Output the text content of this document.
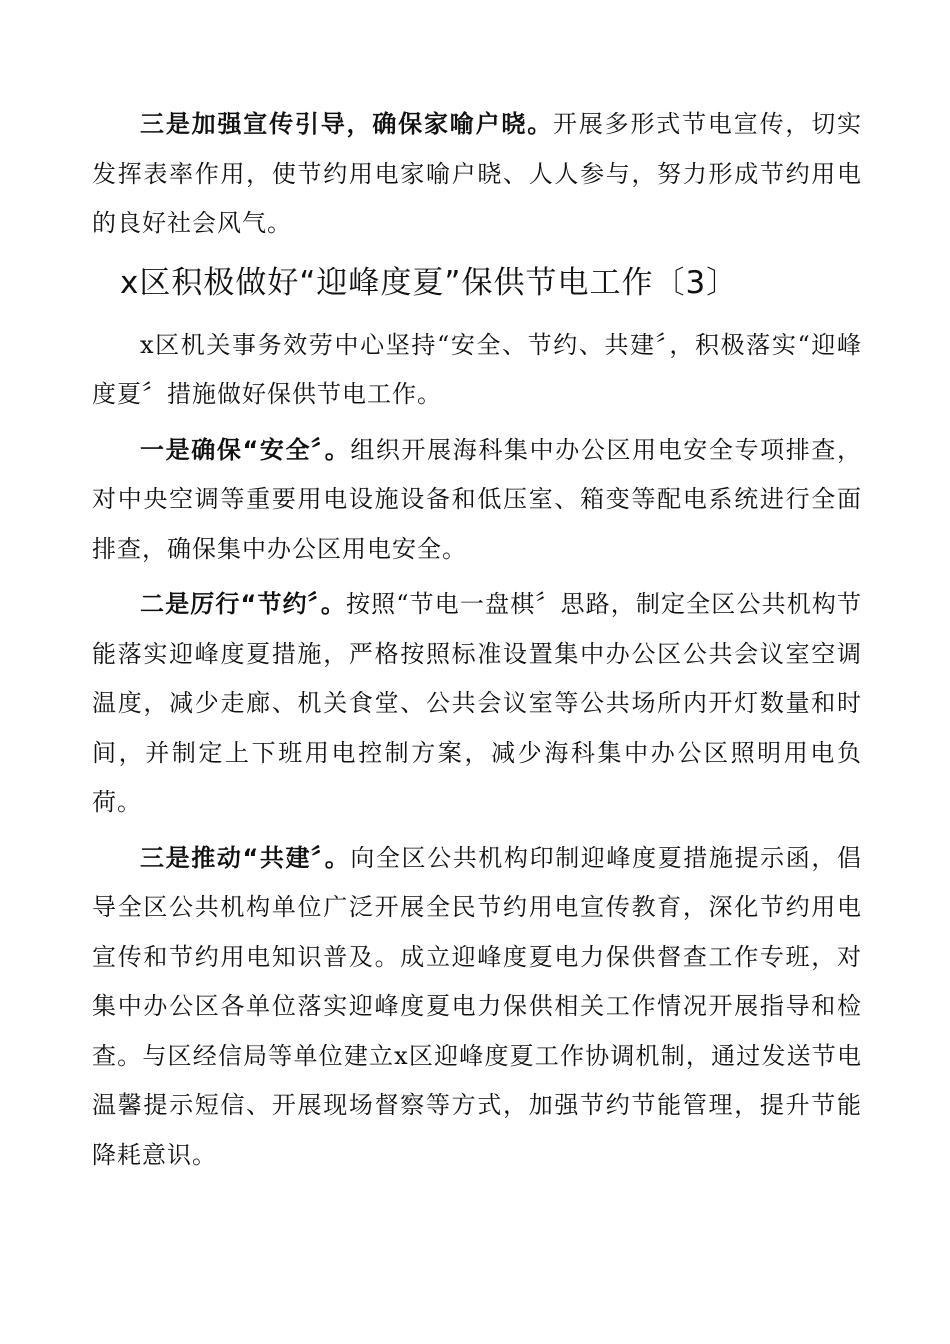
三是加强宣传引导，确保家喻户晓。开展多形式节电宣传，切实发挥表率作用，使节约用电家喻户晓、人人参与，努力形成节约用电的良好社会风气。

x区积极做好“迎峰度夏”保供节电工作〔3〕

x区机关事务效劳中心坚持“安全、节约、共建〞，积极落实“迎峰度夏〞措施做好保供节电工作。

一是确保“安全〞。组织开展海科集中办公区用电安全专项排查，对中央空调等重要用电设施设备和低压室、箱变等配电系统进行全面排查，确保集中办公区用电安全。

二是厉行“节约〞。按照“节电一盘棋〞思路，制定全区公共机构节能落实迎峰度夏措施，严格按照标准设置集中办公区公共会议室空调温度，减少走廊、机关食堂、公共会议室等公共场所内开灯数量和时间，并制定上下班用电控制方案，减少海科集中办公区照明用电负荷。

三是推动“共建〞。向全区公共机构印制迎峰度夏措施提示函，倡导全区公共机构单位广泛开展全民节约用电宣传教育，深化节约用电宣传和节约用电知识普及。成立迎峰度夏电力保供督查工作专班，对集中办公区各单位落实迎峰度夏电力保供相关工作情况开展指导和检查。与区经信局等单位建立x区迎峰度夏工作协调机制，通过发送节电温馨提示短信、开展现场督察等方式，加强节约节能管理，提升节能降耗意识。
